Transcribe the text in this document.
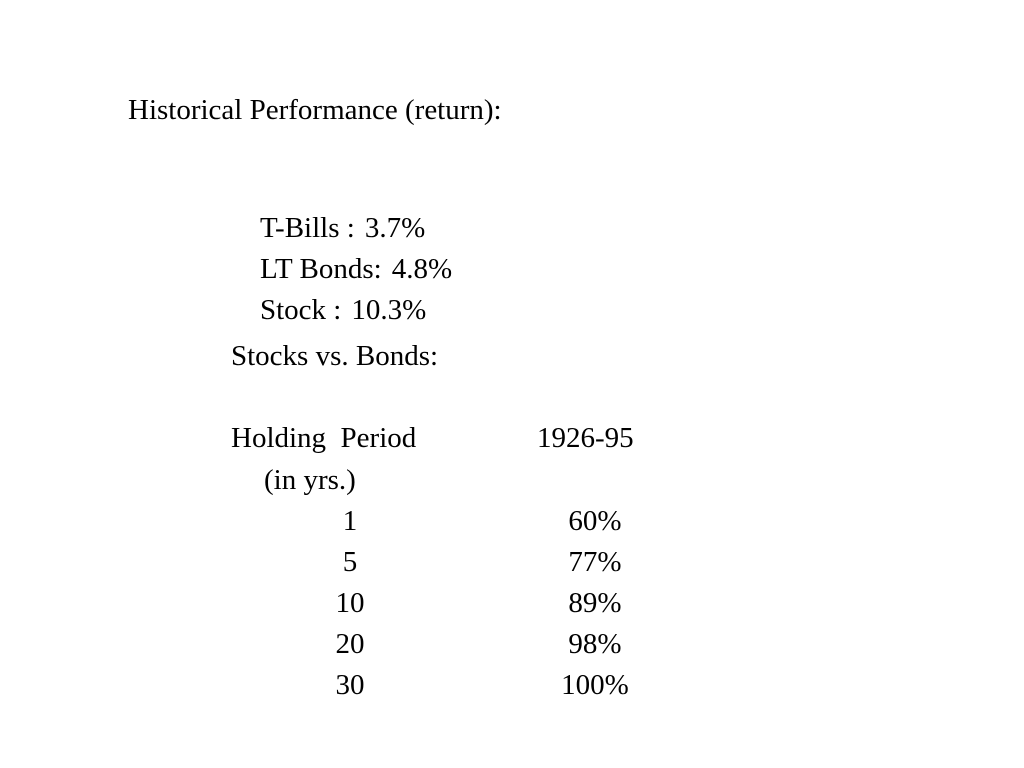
Historical Performance (return):

T-Bills : 3.7%

LT Bonds: 4.8%

Stock : 10.3%

Stocks vs. Bonds:
Holding  Period	1926-95
(in yrs.)
1	60%
5	77%
10	89%
20	98%
30	100%
